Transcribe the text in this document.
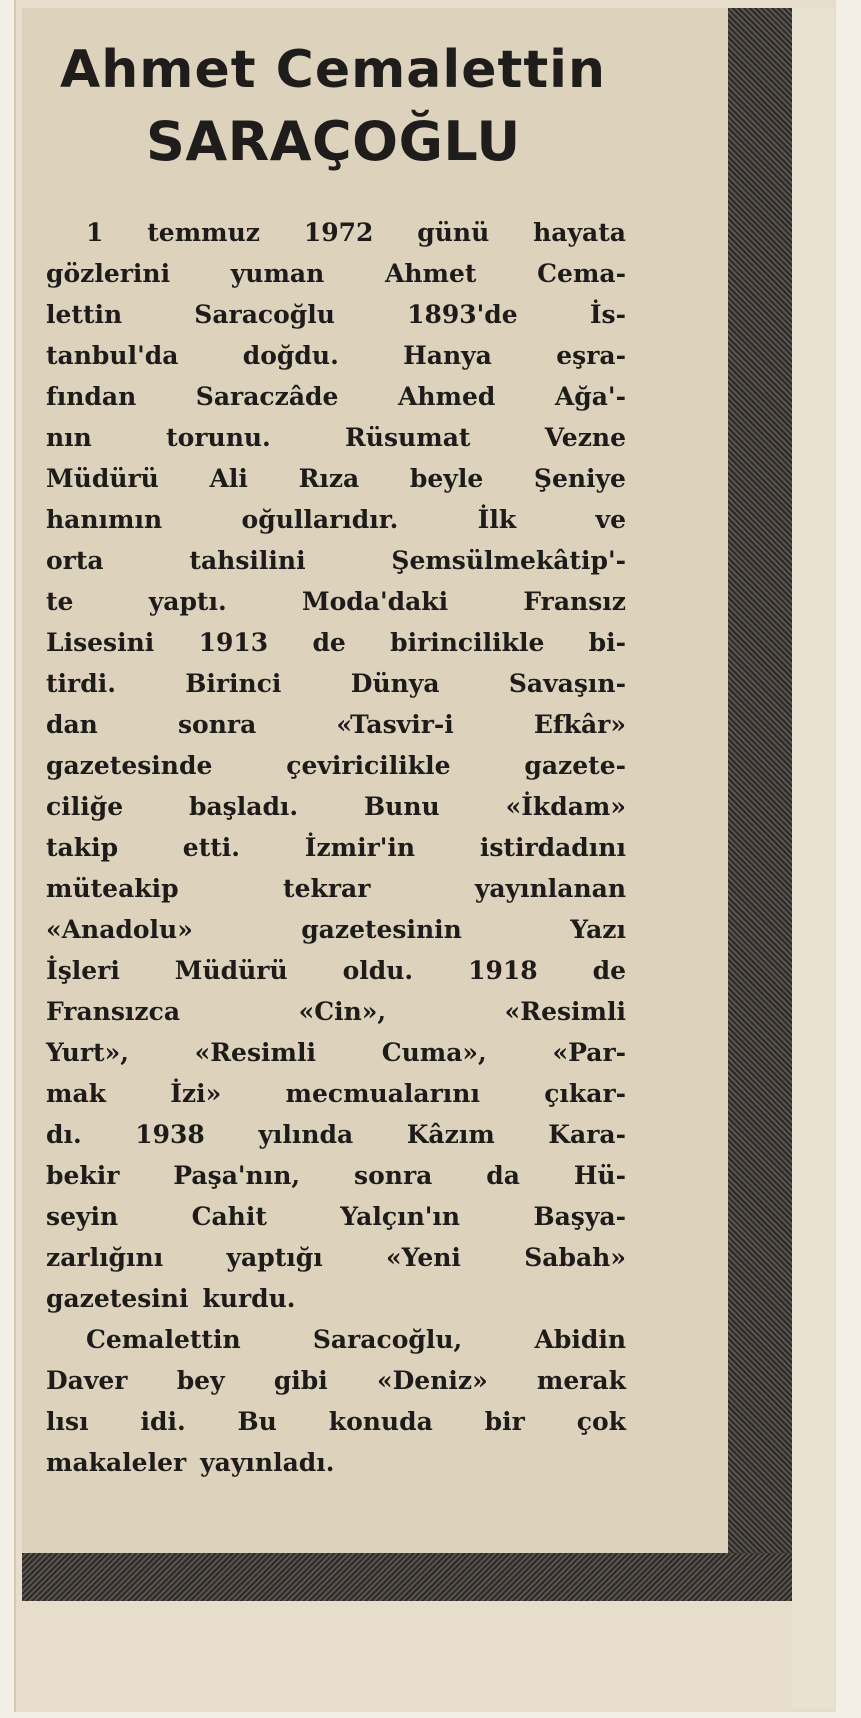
Ahmet Cemalettin
SARAÇOĞLU
1 temmuz 1972 günü hayata
gözlerini yuman Ahmet Cema-
lettin	Saracoğlu	1893'de	İs-
tanbul'da	doğdu.	Hanya	eşra-
fından Saraczâde Ahmed Ağa'-
nın	torunu.	Rüsumat	Vezne
Müdürü Ali Rıza beyle Şeniye
hanımın	oğullarıdır.	İlk	ve
orta	tahsilini	Şemsülmekâtip'-
te	yaptı.	Moda'daki	Fransız
Lisesini 1913 de birincilikle bi-
tirdi.	Birinci	Dünya	Savaşın-
dan	sonra	«Tasvir-i	Efkâr»
gazetesinde	çeviricilikle	gazete-
ciliğe	başladı.	Bunu	«İkdam»
takip	etti.	İzmir'in	istirdadını
müteakip	tekrar	yayınlanan
«Anadolu»	gazetesinin	Yazı
İşleri Müdürü oldu. 1918 de
Fransızca	«Cin»,	«Resimli
Yurt»,	«Resimli	Cuma»,	«Par-
mak	İzi»	mecmualarını	çıkar-
dı. 1938 yılında Kâzım Kara-
bekir Paşa'nın, sonra da Hü-
seyin	Cahit	Yalçın'ın	Başya-
zarlığını	yaptığı	«Yeni	Sabah»
gazetesini kurdu.
Cemalettin	Saracoğlu,	Abidin
Daver bey gibi «Deniz» merak
lısı idi. Bu konuda bir çok
makaleler yayınladı.
